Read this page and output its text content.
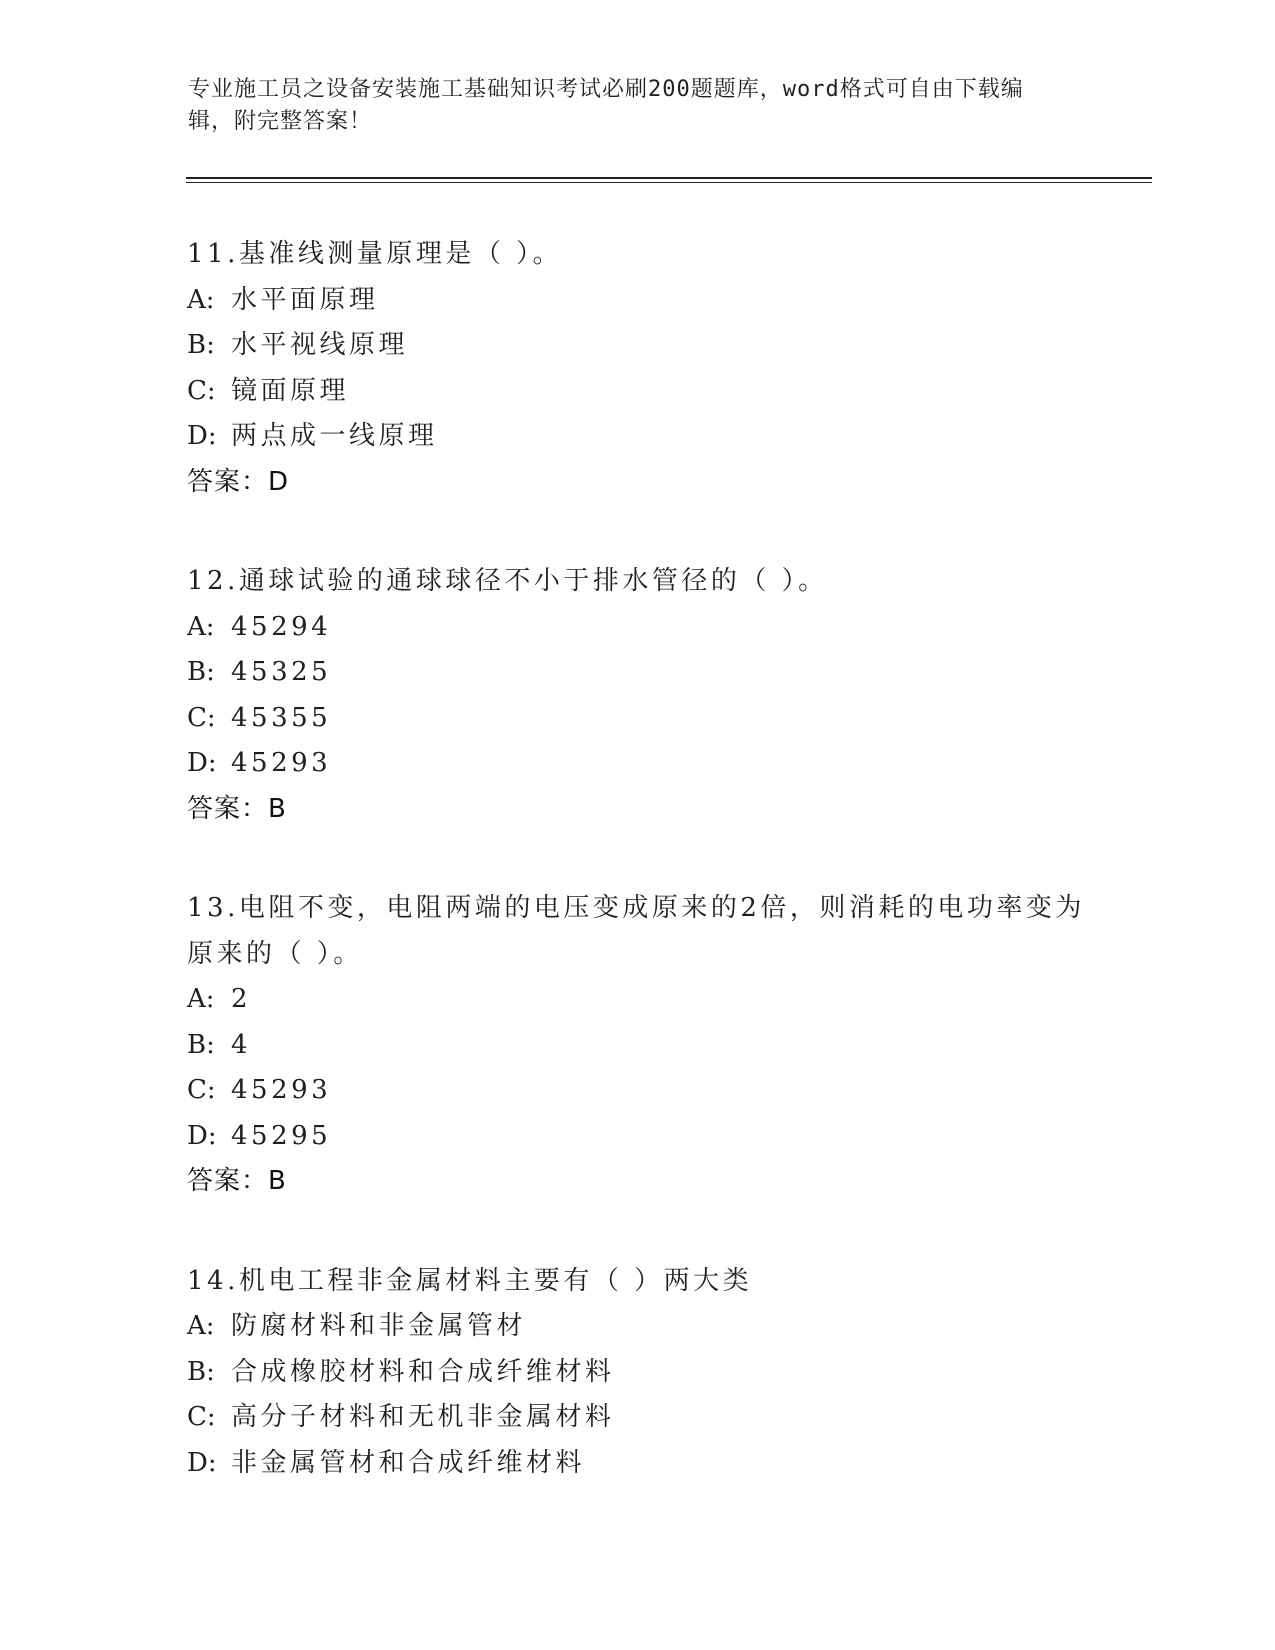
专业施工员之设备安装施工基础知识考试必刷200题题库，word格式可自由下载编辑，附完整答案！
11.基准线测量原理是（ ）。
A: 水平面原理
B: 水平视线原理
C: 镜面原理
D: 两点成一线原理
答案：D
12.通球试验的通球球径不小于排水管径的（ ）。
A: 45294
B: 45325
C: 45355
D: 45293
答案：B
13.电阻不变，电阻两端的电压变成原来的2倍，则消耗的电功率变为原来的（ ）。
A: 2
B: 4
C: 45293
D: 45295
答案：B
14.机电工程非金属材料主要有（ ）两大类
A: 防腐材料和非金属管材
B: 合成橡胶材料和合成纤维材料
C: 高分子材料和无机非金属材料
D: 非金属管材和合成纤维材料
